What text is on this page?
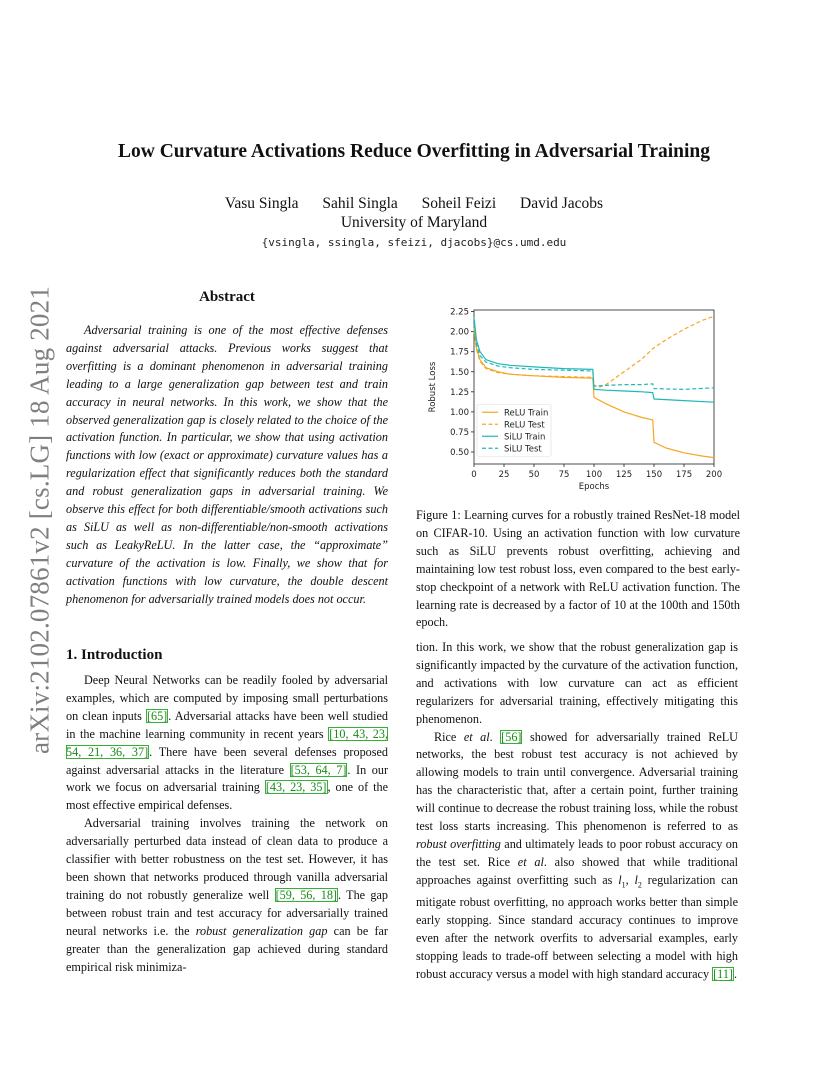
arXiv:2102.07861v2 [cs.LG] 18 Aug 2021
Low Curvature Activations Reduce Overfitting in Adversarial Training
Vasu Singla Sahil Singla Soheil Feizi David Jacobs
University of Maryland
{vsingla, ssingla, sfeizi, djacobs}@cs.umd.edu
Abstract
Adversarial training is one of the most effective defenses against adversarial attacks. Previous works suggest that overfitting is a dominant phenomenon in adversarial training leading to a large generalization gap between test and train accuracy in neural networks. In this work, we show that the observed generalization gap is closely related to the choice of the activation function. In particular, we show that using activation functions with low (exact or approximate) curvature values has a regularization effect that significantly reduces both the standard and robust generalization gaps in adversarial training. We observe this effect for both differentiable/smooth activations such as SiLU as well as non-differentiable/non-smooth activations such as LeakyReLU. In the latter case, the “approximate” curvature of the activation is low. Finally, we show that for activation functions with low curvature, the double descent phenomenon for adversarially trained models does not occur.
0	25 50 75 100 125 150 175 200
0.50
0.75
1.00
1.25
1.50
1.75
2.00
2.25
Epochs
Robust Loss
ReLU Train
ReLU Test
SiLU Train
SiLU Test
Figure 1: Learning curves for a robustly trained ResNet-18 model on CIFAR-10. Using an activation function with low curvature such as SiLU prevents robust overfitting, achieving and maintaining low test robust loss, even compared to the best early-stop checkpoint of a network with ReLU activation function. The learning rate is decreased by a factor of 10 at the 100th and 150th epoch.
1. Introduction

Deep Neural Networks can be readily fooled by adversarial examples, which are computed by imposing small perturbations on clean inputs [65]. Adversarial attacks have been well studied in the machine learning community in recent years [10, 43, 23, 54, 21, 36, 37]. There have been several defenses proposed against adversarial attacks in the literature [53, 64, 7]. In our work we focus on adversarial training [43, 23, 35], one of the most effective empirical defenses.

Adversarial training involves training the network on adversarially perturbed data instead of clean data to produce a classifier with better robustness on the test set. However, it has been shown that networks produced through vanilla adversarial training do not robustly generalize well [59, 56, 18]. The gap between robust train and test accuracy for adversarially trained neural networks i.e. the robust generalization gap can be far greater than the generalization gap achieved during standard empirical risk minimiza-

tion. In this work, we show that the robust generalization gap is significantly impacted by the curvature of the activation function, and activations with low curvature can act as efficient regularizers for adversarial training, effectively mitigating this phenomenon.

Rice et al. [56] showed for adversarially trained ReLU networks, the best robust test accuracy is not achieved by allowing models to train until convergence. Adversarial training has the characteristic that, after a certain point, further training will continue to decrease the robust training loss, while the robust test loss starts increasing. This phenomenon is referred to as robust overfitting and ultimately leads to poor robust accuracy on the test set. Rice et al. also showed that while traditional approaches against overfitting such as $l_1$, $l_2$ regularization can mitigate robust overfitting, no approach works better than simple early stopping. Since standard accuracy continues to improve even after the network overfits to adversarial examples, early stopping leads to trade-off between selecting a model with high robust accuracy versus a model with high standard accuracy [11].
